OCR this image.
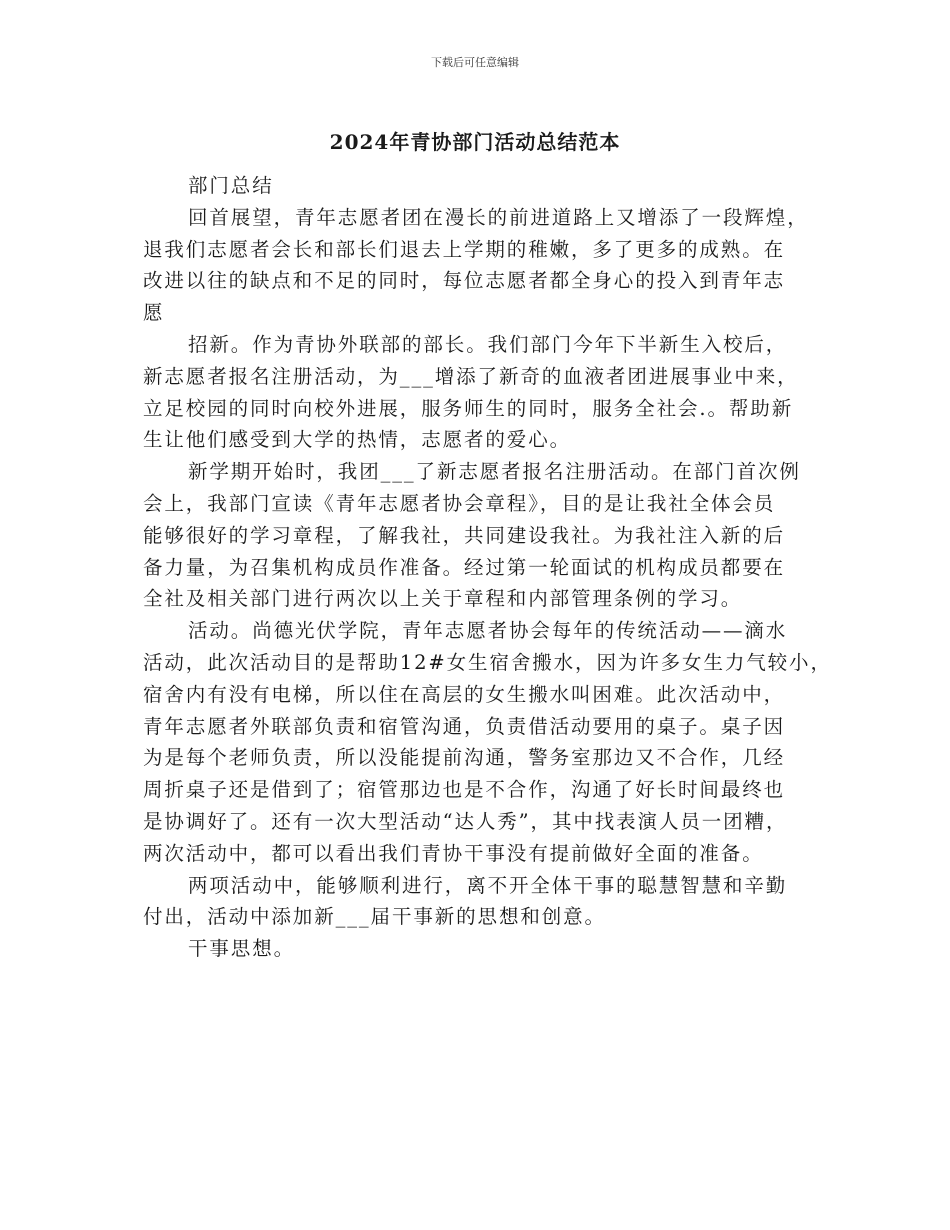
下载后可任意编辑
2024年青协部门活动总结范本
部门总结
回首展望，青年志愿者团在漫长的前进道路上又增添了一段辉煌，
退我们志愿者会长和部长们退去上学期的稚嫩，多了更多的成熟。在
改进以往的缺点和不足的同时，每位志愿者都全身心的投入到青年志
愿
招新。作为青协外联部的部长。我们部门今年下半新生入校后，
新志愿者报名注册活动，为___增添了新奇的血液者团进展事业中来，
立足校园的同时向校外进展，服务师生的同时，服务全社会.。帮助新
生让他们感受到大学的热情，志愿者的爱心。
新学期开始时，我团___了新志愿者报名注册活动。在部门首次例
会上，我部门宣读《青年志愿者协会章程》，目的是让我社全体会员
能够很好的学习章程，了解我社，共同建设我社。为我社注入新的后
备力量，为召集机构成员作准备。经过第一轮面试的机构成员都要在
全社及相关部门进行两次以上关于章程和内部管理条例的学习。
活动。尚德光伏学院，青年志愿者协会每年的传统活动——滴水
活动，此次活动目的是帮助12#女生宿舍搬水，因为许多女生力气较小，
宿舍内有没有电梯，所以住在高层的女生搬水叫困难。此次活动中，
青年志愿者外联部负责和宿管沟通，负责借活动要用的桌子。桌子因
为是每个老师负责，所以没能提前沟通，警务室那边又不合作，几经
周折桌子还是借到了；宿管那边也是不合作，沟通了好长时间最终也
是协调好了。还有一次大型活动“达人秀”，其中找表演人员一团糟，
两次活动中，都可以看出我们青协干事没有提前做好全面的准备。
两项活动中，能够顺利进行，离不开全体干事的聪慧智慧和辛勤
付出，活动中添加新___届干事新的思想和创意。
干事思想。
